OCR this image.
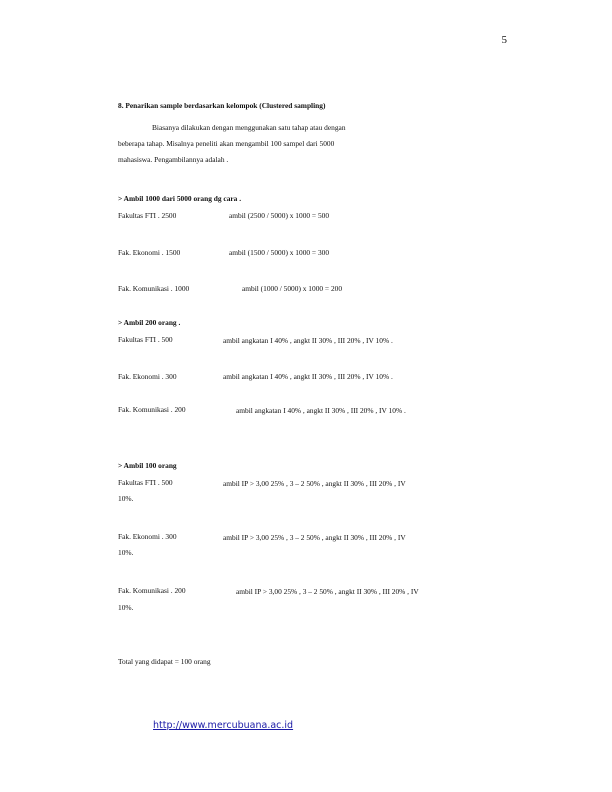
5
8. Penarikan sample berdasarkan kelompok (Clustered sampling)
Biasanya dilakukan dengan menggunakan satu tahap atau dengan
beberapa tahap. Misalnya peneliti akan mengambil 100 sampel dari 5000
mahasiswa. Pengambilannya adalah .
> Ambil 1000 dari 5000 orang dg cara .
Fakultas FTI . 2500	ambil (2500 / 5000) x 1000 = 500
Fak. Ekonomi . 1500	ambil (1500 / 5000) x 1000 = 300
Fak. Komunikasi . 1000	ambil (1000 / 5000) x 1000 = 200
> Ambil 200 orang .
Fakultas FTI . 500	ambil angkatan I 40% , angkt II 30% , III 20% , IV 10% .
Fak. Ekonomi . 300	ambil angkatan I 40% , angkt II 30% , III 20% , IV 10% .
Fak. Komunikasi . 200	ambil angkatan I 40% , angkt II 30% , III 20% , IV 10% .
> Ambil 100 orang
Fakultas FTI . 500	ambil IP > 3,00 25% , 3 – 2 50% , angkt II 30% , III 20% , IV
10%.
Fak. Ekonomi . 300	ambil IP > 3,00 25% , 3 – 2 50% , angkt II 30% , III 20% , IV
10%.
Fak. Komunikasi . 200	ambil IP > 3,00 25% , 3 – 2 50% , angkt II 30% , III 20% , IV
10%.
Total yang didapat = 100 orang
http://www.mercubuana.ac.id
